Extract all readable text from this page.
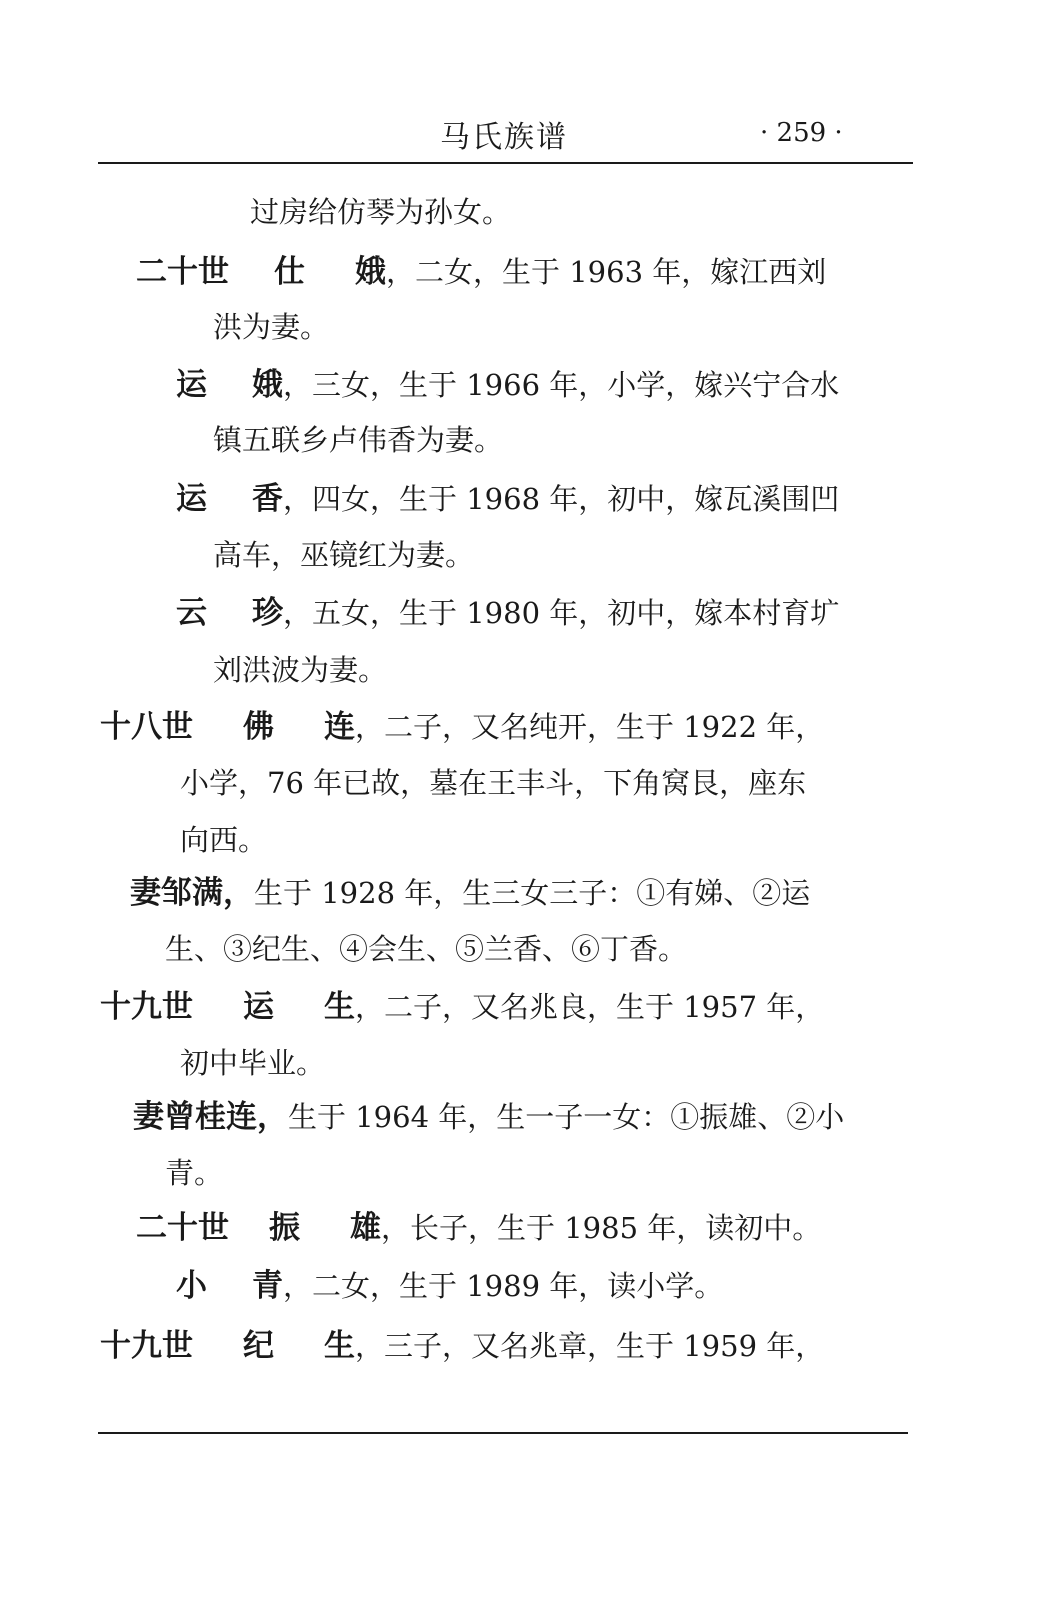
马氏族谱	· 259 ·
过房给仿琴为孙女。
二十世 仕 娥，二女，生于 1963 年，嫁江西刘
洪为妻。
运 娥，三女，生于 1966 年，小学，嫁兴宁合水
镇五联乡卢伟香为妻。
运 香，四女，生于 1968 年，初中，嫁瓦溪围凹
高车，巫镜红为妻。
云 珍，五女，生于 1980 年，初中，嫁本村育圹
刘洪波为妻。
十八世 佛 连，二子，又名纯开，生于 1922 年，
小学，76 年已故，墓在王丰斗，下角窝艮，座东
向西。
妻邹满，生于 1928 年，生三女三子：①有娣、②运
生、③纪生、④会生、⑤兰香、⑥丁香。
十九世 运 生，二子，又名兆良，生于 1957 年，
初中毕业。
妻曾桂连，生于 1964 年，生一子一女：①振雄、②小
青。
二十世 振 雄，长子，生于 1985 年，读初中。
小 青，二女，生于 1989 年，读小学。
十九世 纪 生，三子，又名兆章，生于 1959 年，
